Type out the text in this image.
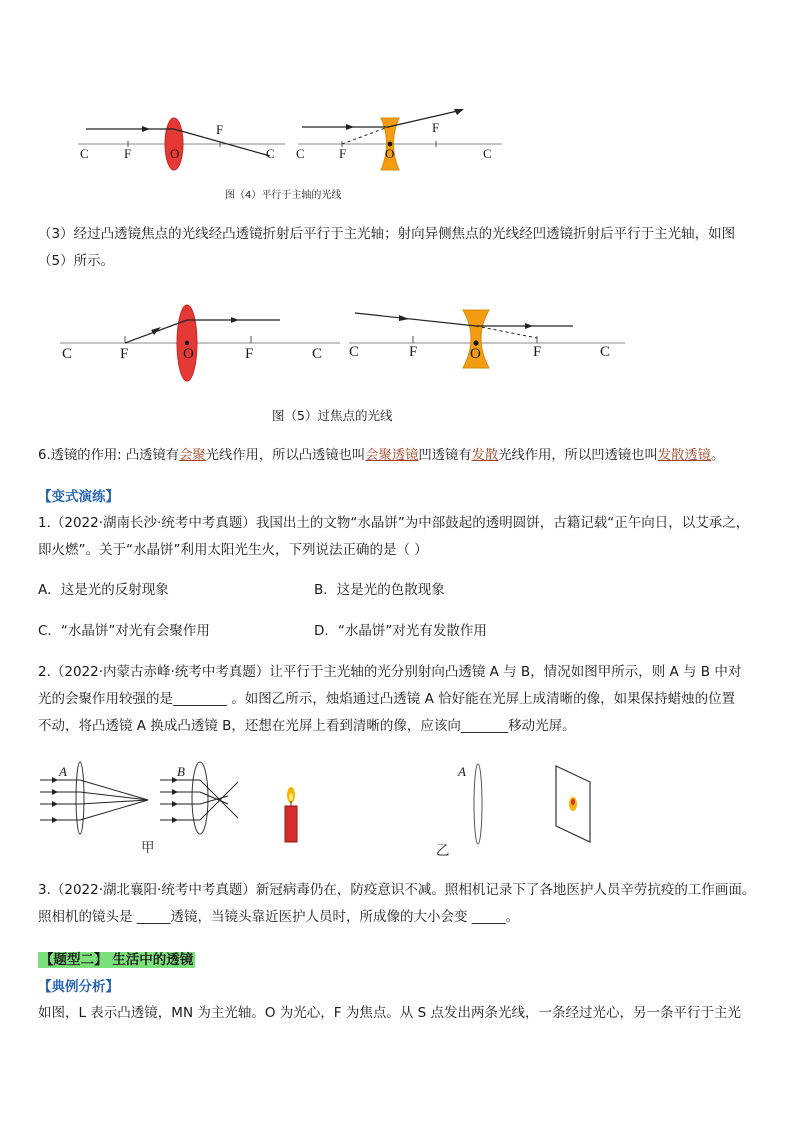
C	F	O
F
C C	F	O
F
C
图（4）平行于主轴的光线
（3）经过凸透镜焦点的光线经凸透镜折射后平行于主光轴；射向异侧焦点的光线经凹透镜折射后平行于主光轴，如图
（5）所示。
C	F	O	F	C C	F	O	F	C
图（5）过焦点的光线
6.透镜的作用: 凸透镜有会聚光线作用，所以凸透镜也叫会聚透镜凹透镜有发散光线作用，所以凹透镜也叫发散透镜。
【变式演练】
1.（2022·湖南长沙·统考中考真题）我国出土的文物“水晶饼”为中部鼓起的透明圆饼，古籍记载“正午向日，以艾承之，
即火燃”。关于“水晶饼”利用太阳光生火，下列说法正确的是（ ）
A．这是光的反射现象	B．这是光的色散现象
C．“水晶饼”对光有会聚作用	D．“水晶饼”对光有发散作用
2.（2022·内蒙古赤峰·统考中考真题）让平行于主光轴的光分别射向凸透镜 A 与 B，情况如图甲所示，则 A 与 B 中对
光的会聚作用较强的是________ 。如图乙所示，烛焰通过凸透镜 A 恰好能在光屏上成清晰的像，如果保持蜡烛的位置
不动，将凸透镜 A 换成凸透镜 B，还想在光屏上看到清晰的像，应该向_______移动光屏。
A	B
甲
A
乙
3.（2022·湖北襄阳·统考中考真题）新冠病毒仍在，防疫意识不减。照相机记录下了各地医护人员辛劳抗疫的工作画面。
照相机的镜头是 _____透镜，当镜头靠近医护人员时，所成像的大小会变 _____。
【题型二】 生活中的透镜
【典例分析】
如图，L 表示凸透镜，MN 为主光轴。O 为光心，F 为焦点。从 S 点发出两条光线，一条经过光心，另一条平行于主光
